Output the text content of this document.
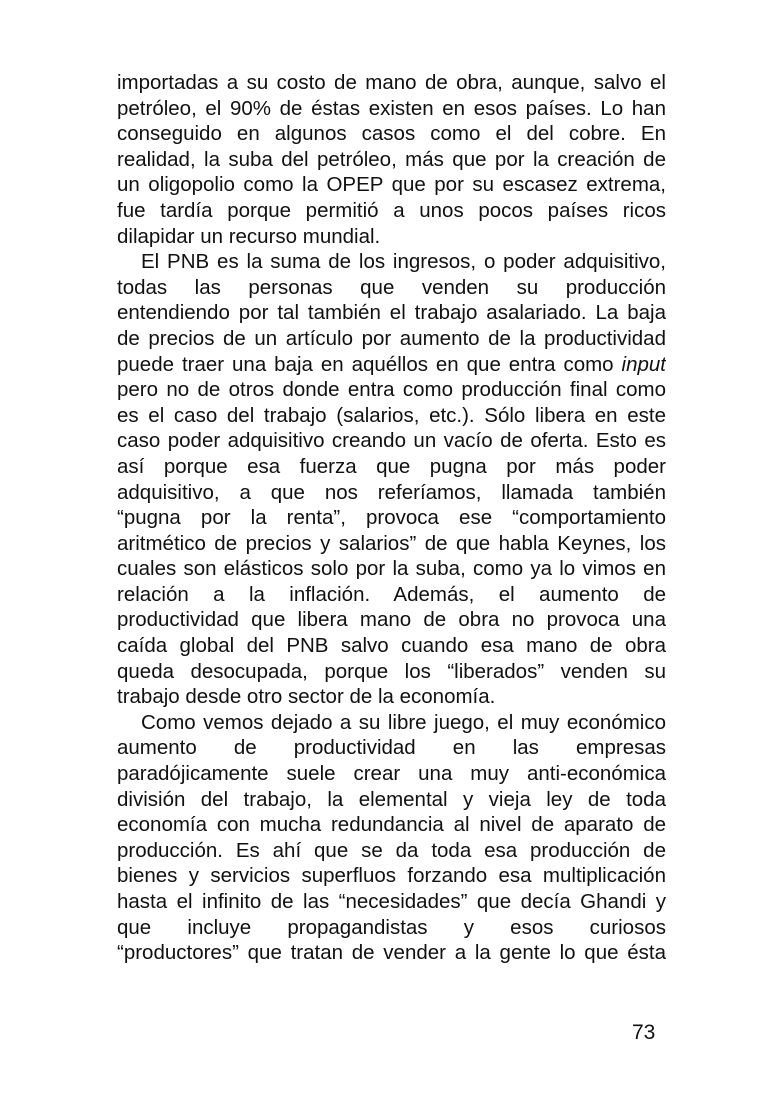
importadas a su costo de mano de obra, aunque, salvo el
petróleo, el 90% de éstas existen en esos países. Lo han
conseguido en algunos casos como el del cobre. En
realidad, la suba del petróleo, más que por la creación de
un oligopolio como la OPEP que por su escasez extrema,
fue tardía porque permitió a unos pocos países ricos
dilapidar un recurso mundial.
El PNB es la suma de los ingresos, o poder adquisitivo,
todas las personas que venden su producción
entendiendo por tal también el trabajo asalariado. La baja
de precios de un artículo por aumento de la productividad
puede traer una baja en aquéllos en que entra como input
pero no de otros donde entra como producción final como
es el caso del trabajo (salarios, etc.). Sólo libera en este
caso poder adquisitivo creando un vacío de oferta. Esto es
así porque esa fuerza que pugna por más poder
adquisitivo, a que nos referíamos, llamada también
“pugna por la renta”, provoca ese “comportamiento
aritmético de precios y salarios” de que habla Keynes, los
cuales son elásticos solo por la suba, como ya lo vimos en
relación a la inflación. Además, el aumento de
productividad que libera mano de obra no provoca una
caída global del PNB salvo cuando esa mano de obra
queda desocupada, porque los “liberados” venden su
trabajo desde otro sector de la economía.
Como vemos dejado a su libre juego, el muy económico
aumento de productividad en las empresas
paradójicamente suele crear una muy anti-económica
división del trabajo, la elemental y vieja ley de toda
economía con mucha redundancia al nivel de aparato de
producción. Es ahí que se da toda esa producción de
bienes y servicios superfluos forzando esa multiplicación
hasta el infinito de las “necesidades” que decía Ghandi y
que incluye propagandistas y esos curiosos
“productores” que tratan de vender a la gente lo que ésta
73
